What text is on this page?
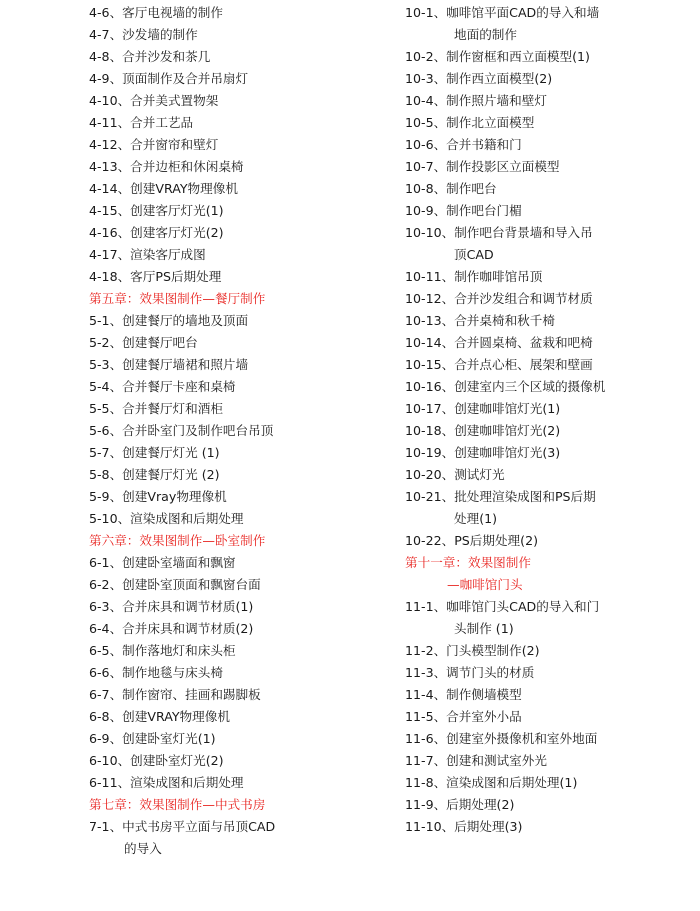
4-6、客厅电视墙的制作
4-7、沙发墙的制作
4-8、合并沙发和茶几
4-9、顶面制作及合并吊扇灯
4-10、合并美式置物架
4-11、合并工艺品
4-12、合并窗帘和壁灯
4-13、合并边柜和休闲桌椅
4-14、创建VRAY物理像机
4-15、创建客厅灯光(1)
4-16、创建客厅灯光(2)
4-17、渲染客厅成图
4-18、客厅PS后期处理
第五章：效果图制作—餐厅制作
5-1、创建餐厅的墙地及顶面
5-2、创建餐厅吧台
5-3、创建餐厅墙裙和照片墙
5-4、合并餐厅卡座和桌椅
5-5、合并餐厅灯和酒柜
5-6、合并卧室门及制作吧台吊顶
5-7、创建餐厅灯光 (1)
5-8、创建餐厅灯光 (2)
5-9、创建Vray物理像机
5-10、渲染成图和后期处理
第六章：效果图制作—卧室制作
6-1、创建卧室墙面和飘窗
6-2、创建卧室顶面和飘窗台面
6-3、合并床具和调节材质(1)
6-4、合并床具和调节材质(2)
6-5、制作落地灯和床头柜
6-6、制作地毯与床头椅
6-7、制作窗帘、挂画和踢脚板
6-8、创建VRAY物理像机
6-9、创建卧室灯光(1)
6-10、创建卧室灯光(2)
6-11、渲染成图和后期处理
第七章：效果图制作—中式书房
7-1、中式书房平立面与吊顶CAD
的导入
10-1、咖啡馆平面CAD的导入和墙
地面的制作
10-2、制作窗框和西立面模型(1)
10-3、制作西立面模型(2)
10-4、制作照片墙和壁灯
10-5、制作北立面模型
10-6、合并书籍和门
10-7、制作投影区立面模型
10-8、制作吧台
10-9、制作吧台门楣
10-10、制作吧台背景墙和导入吊
顶CAD
10-11、制作咖啡馆吊顶
10-12、合并沙发组合和调节材质
10-13、合并桌椅和秋千椅
10-14、合并圆桌椅、盆栽和吧椅
10-15、合并点心柜、展架和壁画
10-16、创建室内三个区域的摄像机
10-17、创建咖啡馆灯光(1)
10-18、创建咖啡馆灯光(2)
10-19、创建咖啡馆灯光(3)
10-20、测试灯光
10-21、批处理渲染成图和PS后期
处理(1)
10-22、PS后期处理(2)
第十一章：效果图制作
—咖啡馆门头
11-1、咖啡馆门头CAD的导入和门
头制作 (1)
11-2、门头模型制作(2)
11-3、调节门头的材质
11-4、制作侧墙模型
11-5、合并室外小品
11-6、创建室外摄像机和室外地面
11-7、创建和测试室外光
11-8、渲染成图和后期处理(1)
11-9、后期处理(2)
11-10、后期处理(3)
